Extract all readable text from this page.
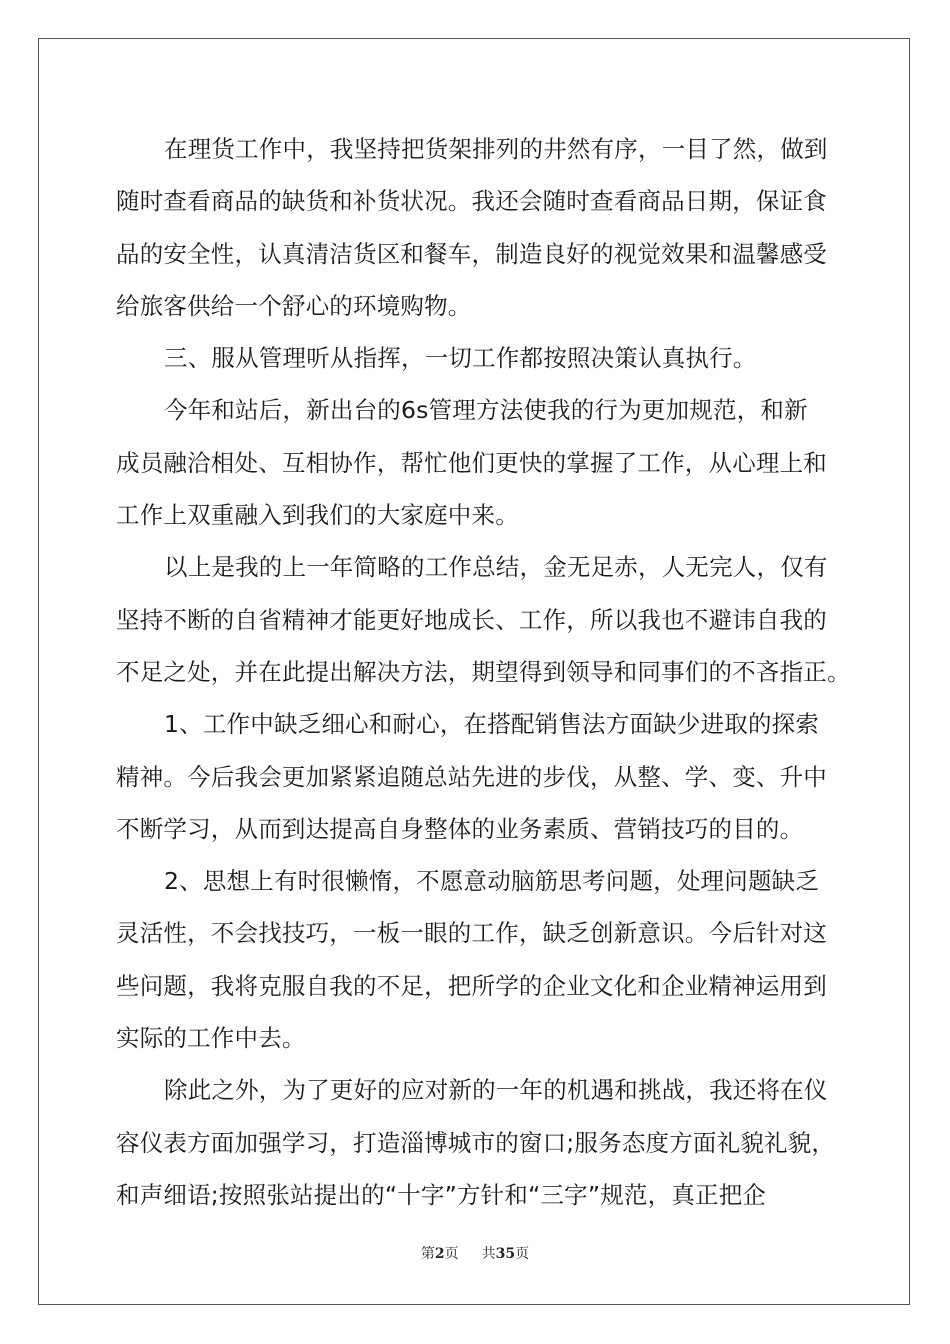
在理货工作中，我坚持把货架排列的井然有序，一目了然，做到
随时查看商品的缺货和补货状况。我还会随时查看商品日期，保证食
品的安全性，认真清洁货区和餐车，制造良好的视觉效果和温馨感受
给旅客供给一个舒心的环境购物。
三、服从管理听从指挥，一切工作都按照决策认真执行。
今年和站后，新出台的6s管理方法使我的行为更加规范，和新
成员融洽相处、互相协作，帮忙他们更快的掌握了工作，从心理上和
工作上双重融入到我们的大家庭中来。
以上是我的上一年简略的工作总结，金无足赤，人无完人，仅有
坚持不断的自省精神才能更好地成长、工作，所以我也不避讳自我的
不足之处，并在此提出解决方法，期望得到领导和同事们的不吝指正。
1、工作中缺乏细心和耐心，在搭配销售法方面缺少进取的探索
精神。今后我会更加紧紧追随总站先进的步伐，从整、学、变、升中
不断学习，从而到达提高自身整体的业务素质、营销技巧的目的。
2、思想上有时很懒惰，不愿意动脑筋思考问题，处理问题缺乏
灵活性，不会找技巧，一板一眼的工作，缺乏创新意识。今后针对这
些问题，我将克服自我的不足，把所学的企业文化和企业精神运用到
实际的工作中去。
除此之外，为了更好的应对新的一年的机遇和挑战，我还将在仪
容仪表方面加强学习，打造淄博城市的窗口;服务态度方面礼貌礼貌，
和声细语;按照张站提出的“十字”方针和“三字”规范，真正把企
第2页 共35页
